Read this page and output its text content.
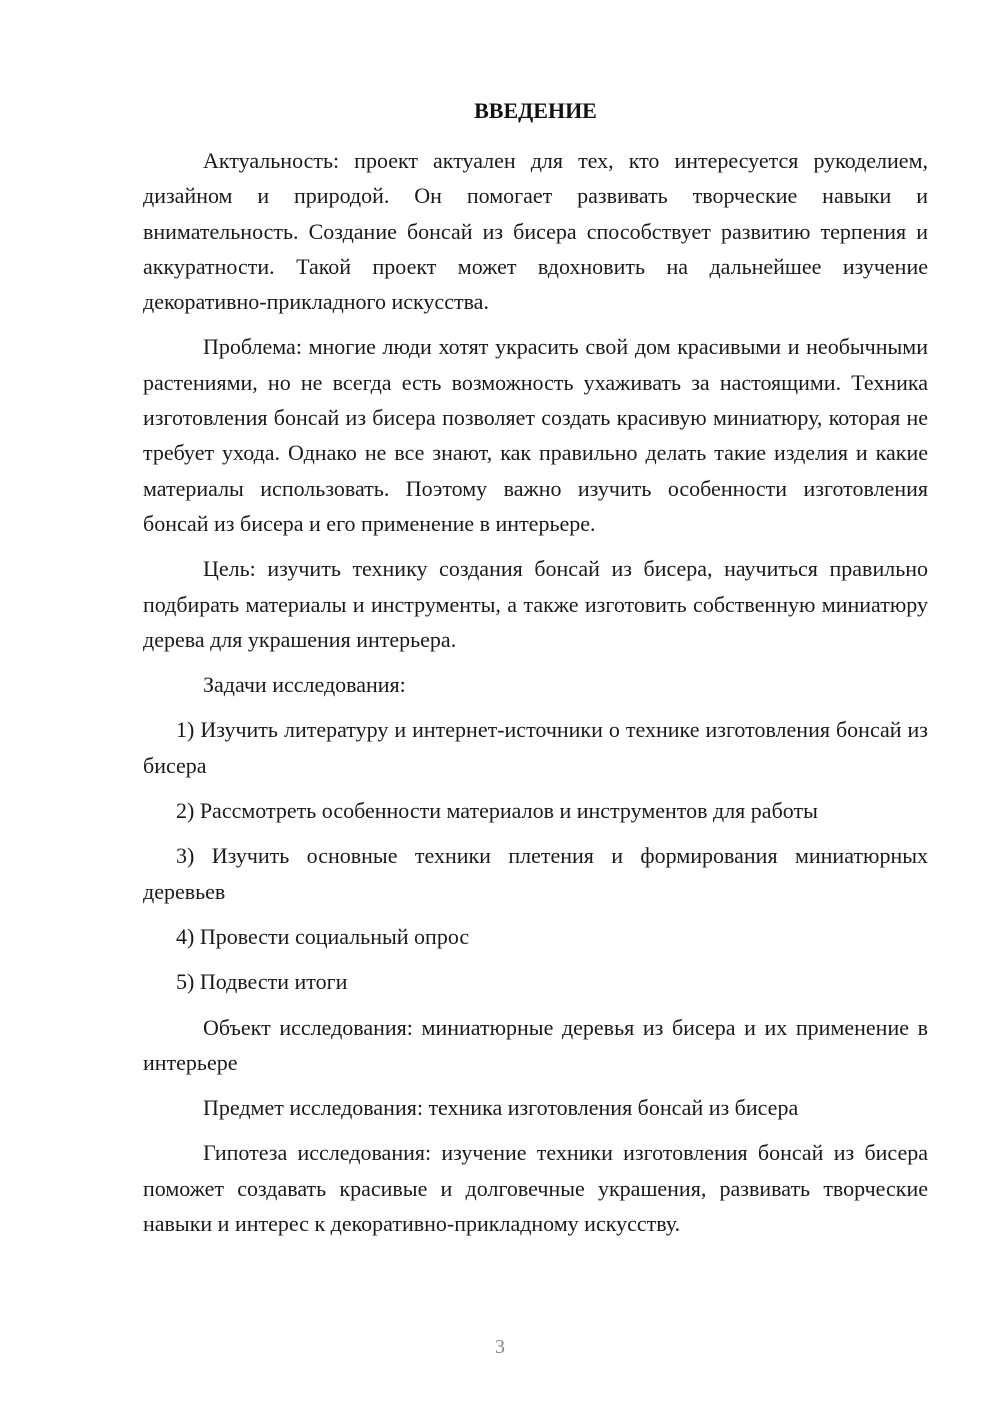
ВВЕДЕНИЕ

Актуальность: проект актуален для тех, кто интересуется рукоделием, дизайном и природой. Он помогает развивать творческие навыки и внимательность. Создание бонсай из бисера способствует развитию терпения и аккуратности. Такой проект может вдохновить на дальнейшее изучение декоративно-прикладного искусства.

Проблема: многие люди хотят украсить свой дом красивыми и необычными растениями, но не всегда есть возможность ухаживать за настоящими. Техника изготовления бонсай из бисера позволяет создать красивую миниатюру, которая не требует ухода. Однако не все знают, как правильно делать такие изделия и какие материалы использовать. Поэтому важно изучить особенности изготовления бонсай из бисера и его применение в интерьере.

Цель: изучить технику создания бонсай из бисера, научиться правильно подбирать материалы и инструменты, а также изготовить собственную миниатюру дерева для украшения интерьера.

Задачи исследования:

1) Изучить литературу и интернет-источники о технике изготовления бонсай из бисера

2) Рассмотреть особенности материалов и инструментов для работы

3) Изучить основные техники плетения и формирования миниатюрных деревьев

4) Провести социальный опрос

5) Подвести итоги

Объект исследования: миниатюрные деревья из бисера и их применение в интерьере

Предмет исследования: техника изготовления бонсай из бисера

Гипотеза исследования: изучение техники изготовления бонсай из бисера поможет создавать красивые и долговечные украшения, развивать творческие навыки и интерес к декоративно-прикладному искусству.

3
